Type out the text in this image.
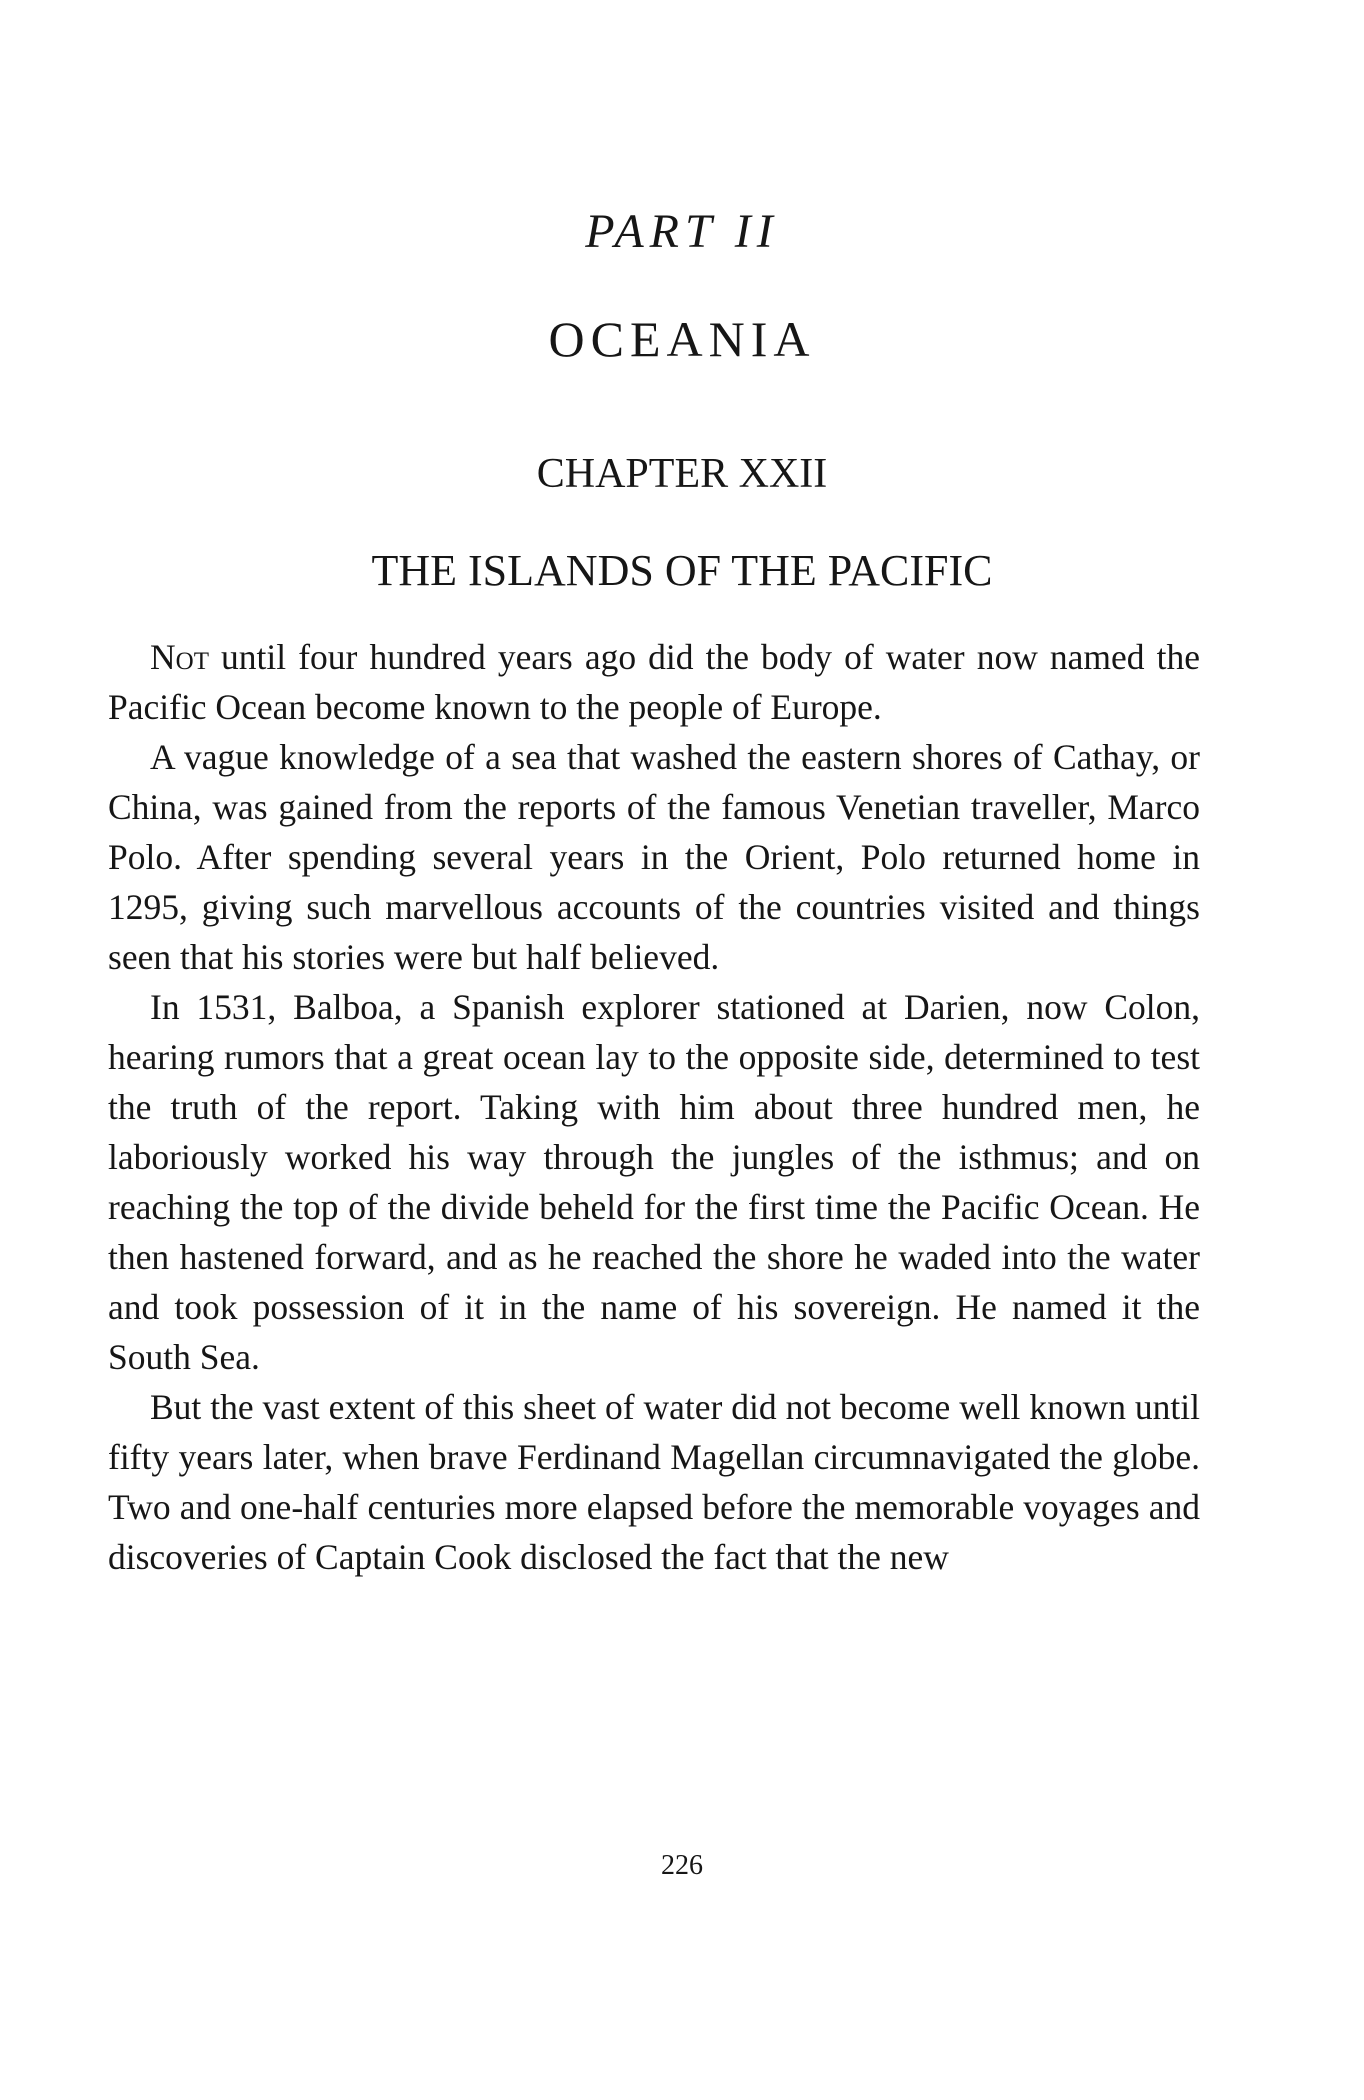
PART II
OCEANIA
CHAPTER XXII
THE ISLANDS OF THE PACIFIC

Not until four hundred years ago did the body of water now named the Pacific Ocean become known to the people of Europe.

A vague knowledge of a sea that washed the eastern shores of Cathay, or China, was gained from the reports of the famous Venetian traveller, Marco Polo. After spending several years in the Orient, Polo returned home in 1295, giving such marvellous accounts of the countries visited and things seen that his stories were but half believed.

In 1531, Balboa, a Spanish explorer stationed at Darien, now Colon, hearing rumors that a great ocean lay to the opposite side, determined to test the truth of the report. Taking with him about three hundred men, he laboriously worked his way through the jungles of the isthmus; and on reaching the top of the divide beheld for the first time the Pacific Ocean. He then hastened forward, and as he reached the shore he waded into the water and took possession of it in the name of his sovereign. He named it the South Sea.

But the vast extent of this sheet of water did not become well known until fifty years later, when brave Ferdinand Magellan circumnavigated the globe. Two and one-half centuries more elapsed before the memorable voyages and discoveries of Captain Cook disclosed the fact that the new

226
